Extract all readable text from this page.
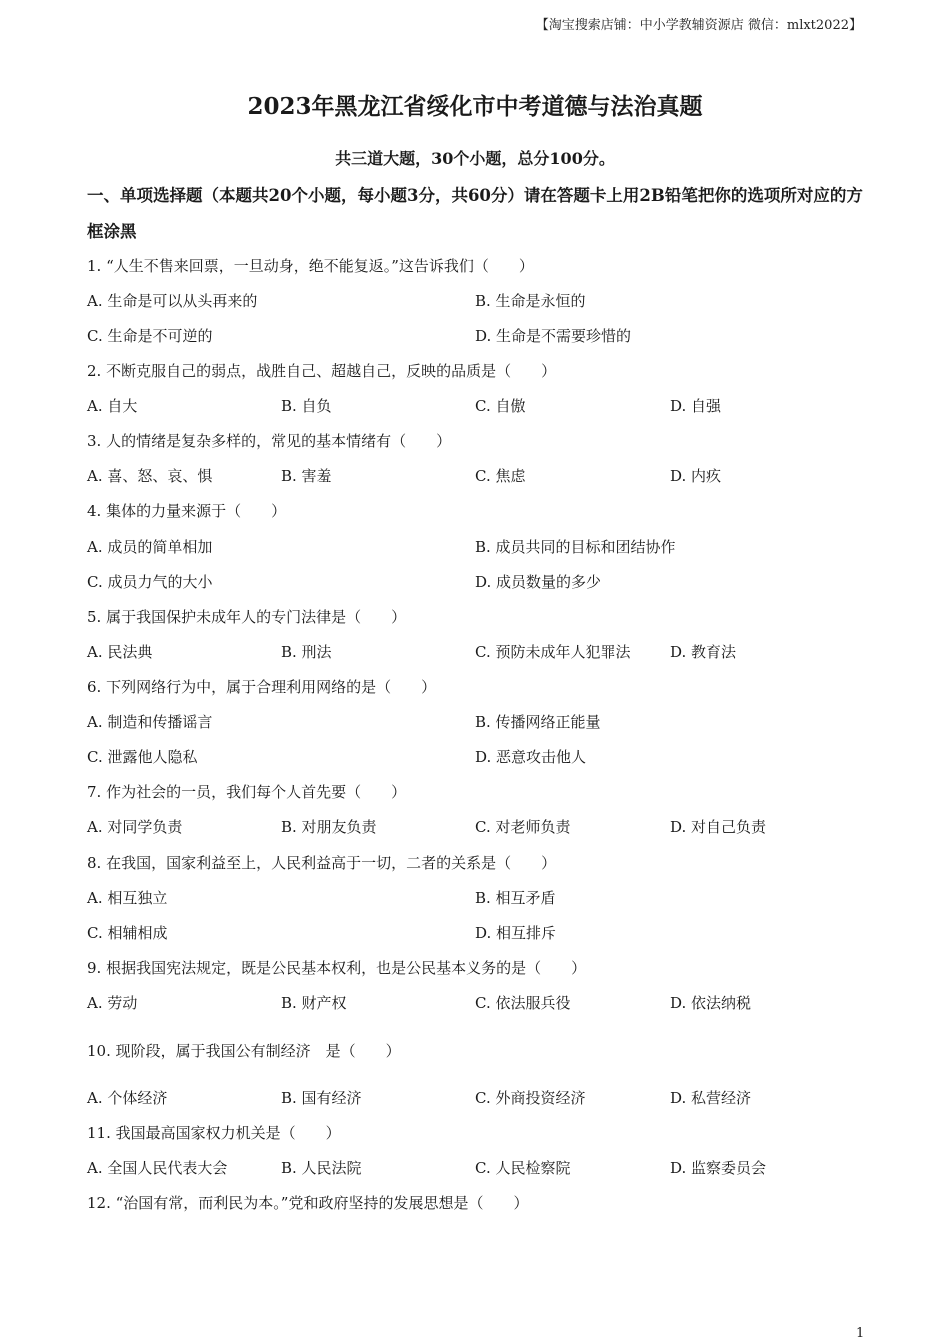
【淘宝搜索店铺：中小学教辅资源店 微信：mlxt2022】
2023年黑龙江省绥化市中考道德与法治真题
共三道大题，30个小题，总分100分。
一、单项选择题（本题共20个小题，每小题3分，共60分）请在答题卡上用2B铅笔把你的选项所对应的方框涂黑
1. “人生不售来回票，一旦动身，绝不能复返。”这告诉我们（　　）
A. 生命是可以从头再来的	B. 生命是永恒的
C. 生命是不可逆的	D. 生命是不需要珍惜的
2. 不断克服自己的弱点，战胜自己、超越自己，反映的品质是（　　）
A. 自大	B. 自负	C. 自傲	D. 自强
3. 人的情绪是复杂多样的，常见的基本情绪有（　　）
A. 喜、怒、哀、惧	B. 害羞	C. 焦虑	D. 内疚
4. 集体的力量来源于（　　）
A. 成员的简单相加	B. 成员共同的目标和团结协作
C. 成员力气的大小	D. 成员数量的多少
5. 属于我国保护未成年人的专门法律是（　　）
A. 民法典	B. 刑法	C. 预防未成年人犯罪法	D. 教育法
6. 下列网络行为中，属于合理利用网络的是（　　）
A. 制造和传播谣言	B. 传播网络正能量
C. 泄露他人隐私	D. 恶意攻击他人
7. 作为社会的一员，我们每个人首先要（　　）
A. 对同学负责	B. 对朋友负责	C. 对老师负责	D. 对自己负责
8. 在我国，国家利益至上，人民利益高于一切，二者的关系是（　　）
A. 相互独立	B. 相互矛盾
C. 相辅相成	D. 相互排斥
9. 根据我国宪法规定，既是公民基本权利，也是公民基本义务的是（　　）
A. 劳动	B. 财产权	C. 依法服兵役	D. 依法纳税
10. 现阶段，属于我国公有制经济　是（　　）
A. 个体经济	B. 国有经济	C. 外商投资经济	D. 私营经济
11. 我国最高国家权力机关是（　　）
A. 全国人民代表大会	B. 人民法院	C. 人民检察院	D. 监察委员会
12. “治国有常，而利民为本。”党和政府坚持的发展思想是（　　）
1
